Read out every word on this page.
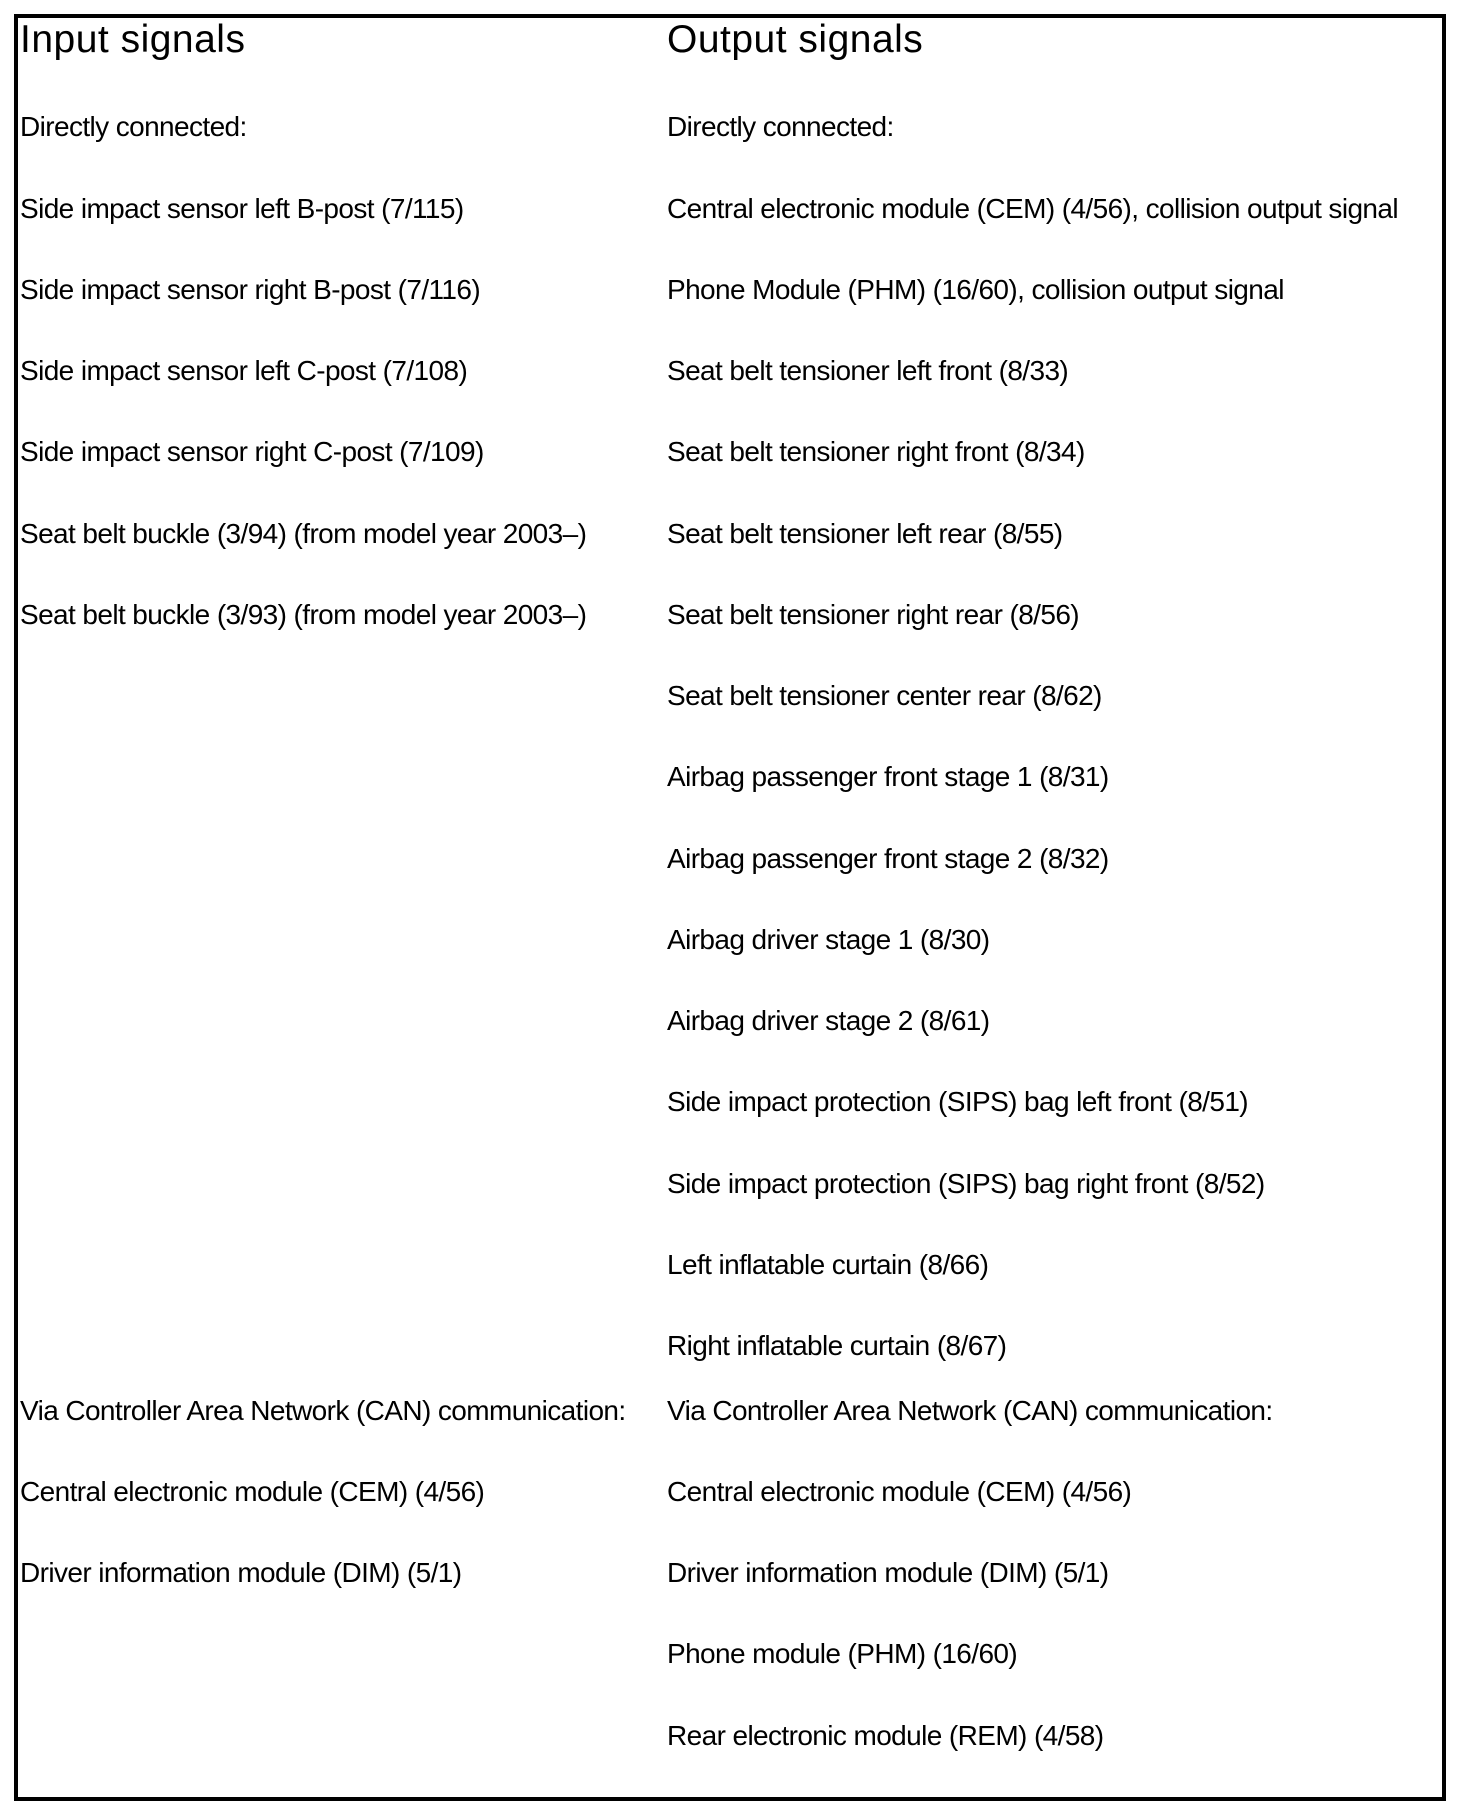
Input signals
Directly connected:
Side impact sensor left B-post (7/115)
Side impact sensor right B-post (7/116)
Side impact sensor left C-post (7/108)
Side impact sensor right C-post (7/109)
Seat belt buckle (3/94) (from model year 2003–)
Seat belt buckle (3/93) (from model year 2003–)
Via Controller Area Network (CAN) communication:
Central electronic module (CEM) (4/56)
Driver information module (DIM) (5/1)
Output signals
Directly connected:
Central electronic module (CEM) (4/56), collision output signal
Phone Module (PHM) (16/60), collision output signal
Seat belt tensioner left front (8/33)
Seat belt tensioner right front (8/34)
Seat belt tensioner left rear (8/55)
Seat belt tensioner right rear (8/56)
Seat belt tensioner center rear (8/62)
Airbag passenger front stage 1 (8/31)
Airbag passenger front stage 2 (8/32)
Airbag driver stage 1 (8/30)
Airbag driver stage 2 (8/61)
Side impact protection (SIPS) bag left front (8/51)
Side impact protection (SIPS) bag right front (8/52)
Left inflatable curtain (8/66)
Right inflatable curtain (8/67)
Via Controller Area Network (CAN) communication:
Central electronic module (CEM) (4/56)
Driver information module (DIM) (5/1)
Phone module (PHM) (16/60)
Rear electronic module (REM) (4/58)
